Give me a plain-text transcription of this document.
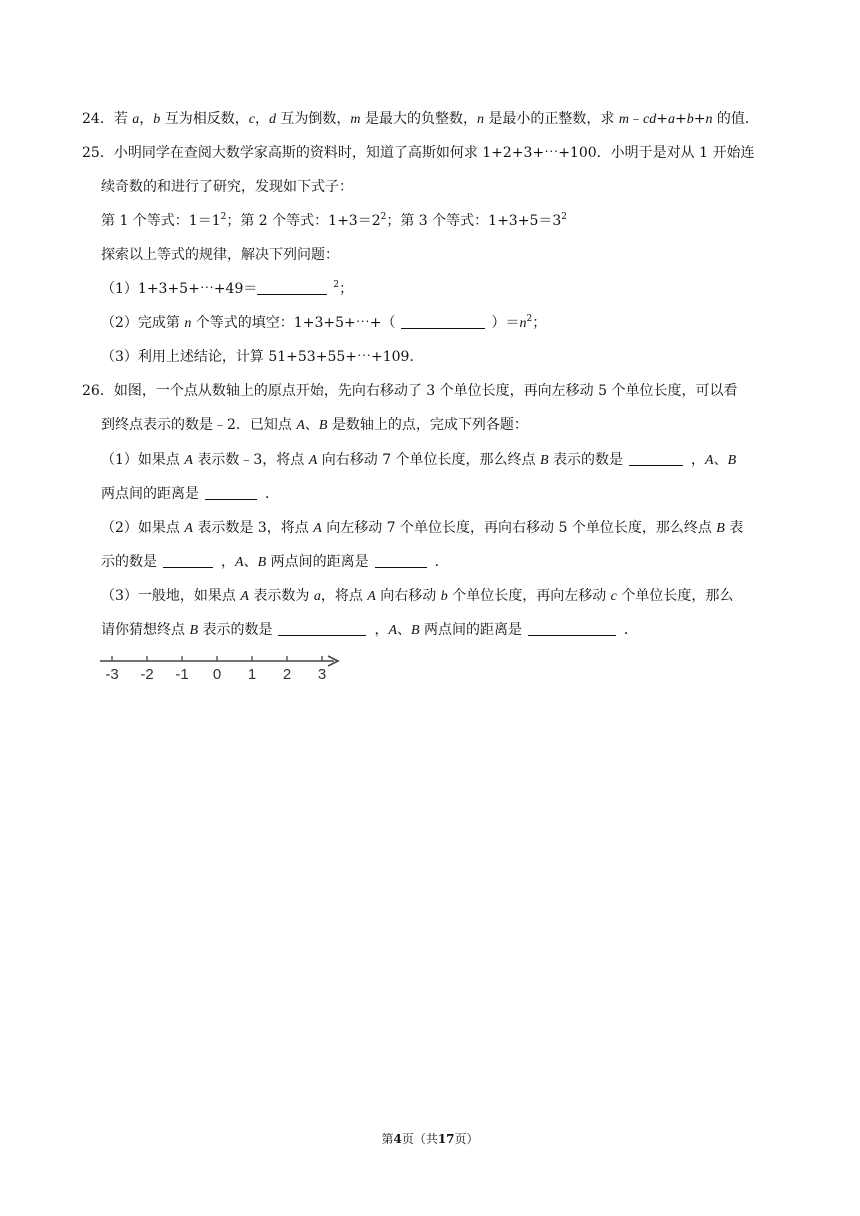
24．若 a，b 互为相反数，c，d 互为倒数，m 是最大的负整数，n 是最小的正整数，求 m﹣cd+a+b+n 的值．
25．小明同学在查阅大数学家高斯的资料时，知道了高斯如何求 1+2+3+⋯+100．小明于是对从 1 开始连
续奇数的和进行了研究，发现如下式子：
第 1 个等式：$1=1^2$；第 2 个等式：$1+3=2^2$；第 3 个等式：$1+3+5=3^2$
探索以上等式的规律，解决下列问题：
（1）1+3+5+⋯+49＝	$^2$；
（2）完成第 n 个等式的填空：1+3+5+⋯+（	）$=n^2$；
（3）利用上述结论，计算 51+53+55+⋯+109．
26．如图，一个点从数轴上的原点开始，先向右移动了 3 个单位长度，再向左移动 5 个单位长度，可以看
到终点表示的数是﹣2．已知点 A、B 是数轴上的点，完成下列各题：
（1）如果点 A 表示数﹣3，将点 A 向右移动 7 个单位长度，那么终点 B 表示的数是	，A、B
两点间的距离是	．
（2）如果点 A 表示数是 3，将点 A 向左移动 7 个单位长度，再向右移动 5 个单位长度，那么终点 B 表
示的数是	，A、B 两点间的距离是	．
（3）一般地，如果点 A 表示数为 a，将点 A 向右移动 b 个单位长度，再向左移动 c 个单位长度，那么
请你猜想终点 B 表示的数是	，A、B 两点间的距离是	．
-3 -2 -1 0 1 2 3
第4页（共17页）
